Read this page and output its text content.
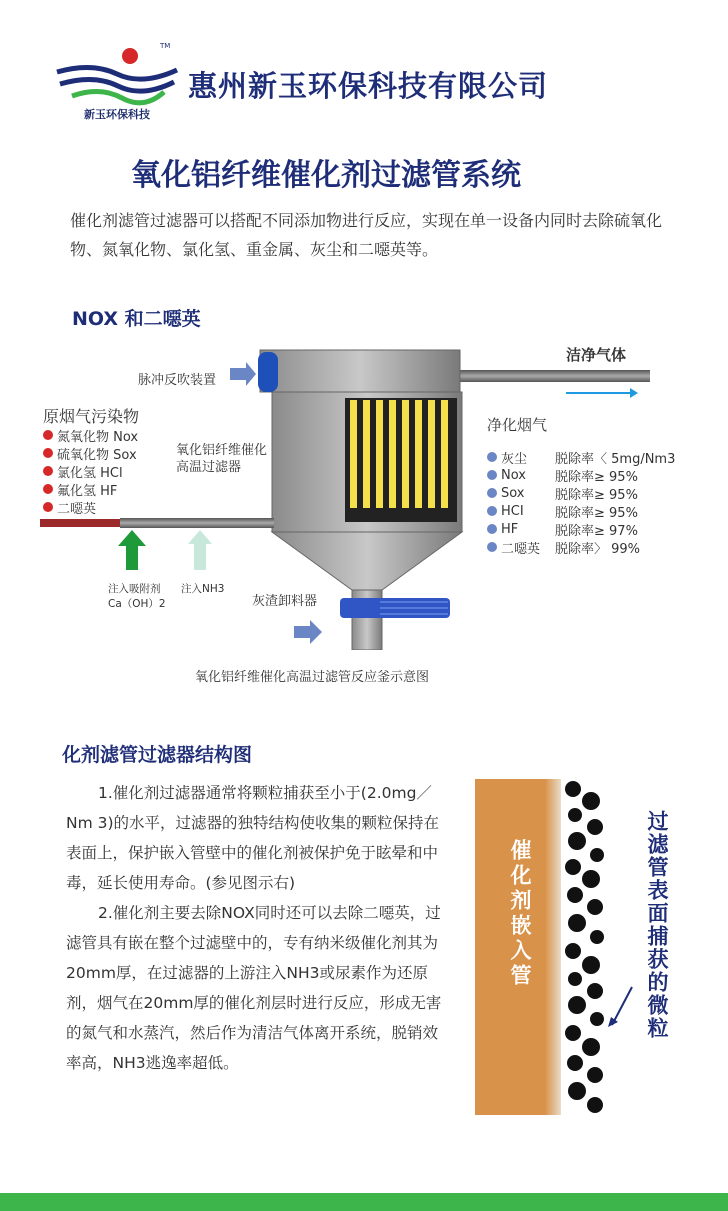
TM
新玉环保科技
惠州新玉环保科技有限公司
氧化铝纤维催化剂过滤管系统
催化剂滤管过滤器可以搭配不同添加物进行反应，实现在单一设备内同时去除硫氧化物、氮氧化物、氯化氢、重金属、灰尘和二噁英等。
NOX 和二噁英
脉冲反吹装置
洁净气体
氧化铝纤维催化高温过滤器
原烟气污染物
氮氧化物 Nox
硫氧化物 Sox
氯化氢 HCl
氟化氢 HF
二噁英
净化烟气
灰尘	脱除率〈 5mg/Nm3
Nox	脱除率≥ 95%
Sox	脱除率≥ 95%
HCI	脱除率≥ 95%
HF	脱除率≥ 97%
二噁英	脱除率〉 99%
注入吸附剂
Ca（OH）2
注入NH3
灰渣卸料器
氧化铝纤维催化高温过滤管反应釜示意图
化剂滤管过滤器结构图
1.催化剂过滤器通常将颗粒捕获至小于(2.0mg／Nm 3)的水平，过滤器的独特结构使收集的颗粒保持在表面上，保护嵌入管壁中的催化剂被保护免于眩晕和中毒，延长使用寿命。(参见图示右)
2.催化剂主要去除NOX同时还可以去除二噁英，过滤管具有嵌在整个过滤壁中的，专有纳米级催化剂其为 20mm厚，在过滤器的上游注入NH3或尿素作为还原剂，烟气在20mm厚的催化剂层时进行反应，形成无害的氮气和水蒸汽，然后作为清洁气体离开系统，脱销效率高，NH3逃逸率超低。
催化剂嵌入管	过滤管表面捕获的微粒
